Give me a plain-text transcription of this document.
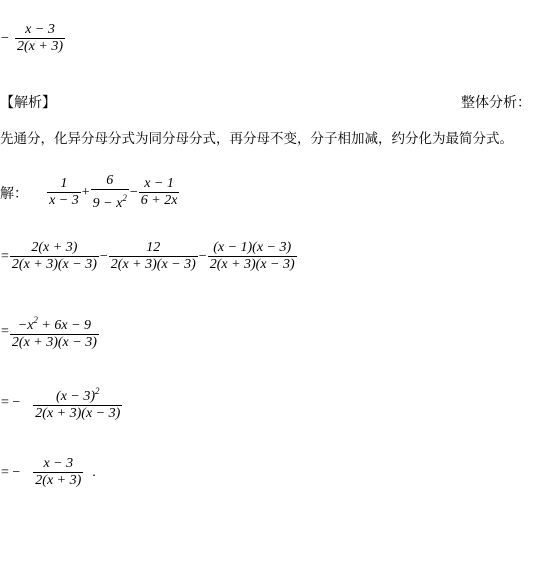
− $\frac{x - 3}{2(x + 3)}$
【解析】	整体分析：
先通分，化异分母分式为同分母分式，再分母不变，分子相加减，约分化为最简分式。
解： $\frac{1}{x - 3} + \frac{6}{9 - x^2} - \frac{x - 1}{6 + 2x}$
= $\frac{2(x + 3)}{2(x + 3)(x - 3)} - \frac{12}{2(x + 3)(x - 3)} - \frac{(x - 1)(x - 3)}{2(x + 3)(x - 3)}$
= $\frac{-x^2 + 6x - 9}{2(x + 3)(x - 3)}$
= − $\frac{(x - 3)^2}{2(x + 3)(x - 3)}$
= − $\frac{x - 3}{2(x + 3)}$ .
